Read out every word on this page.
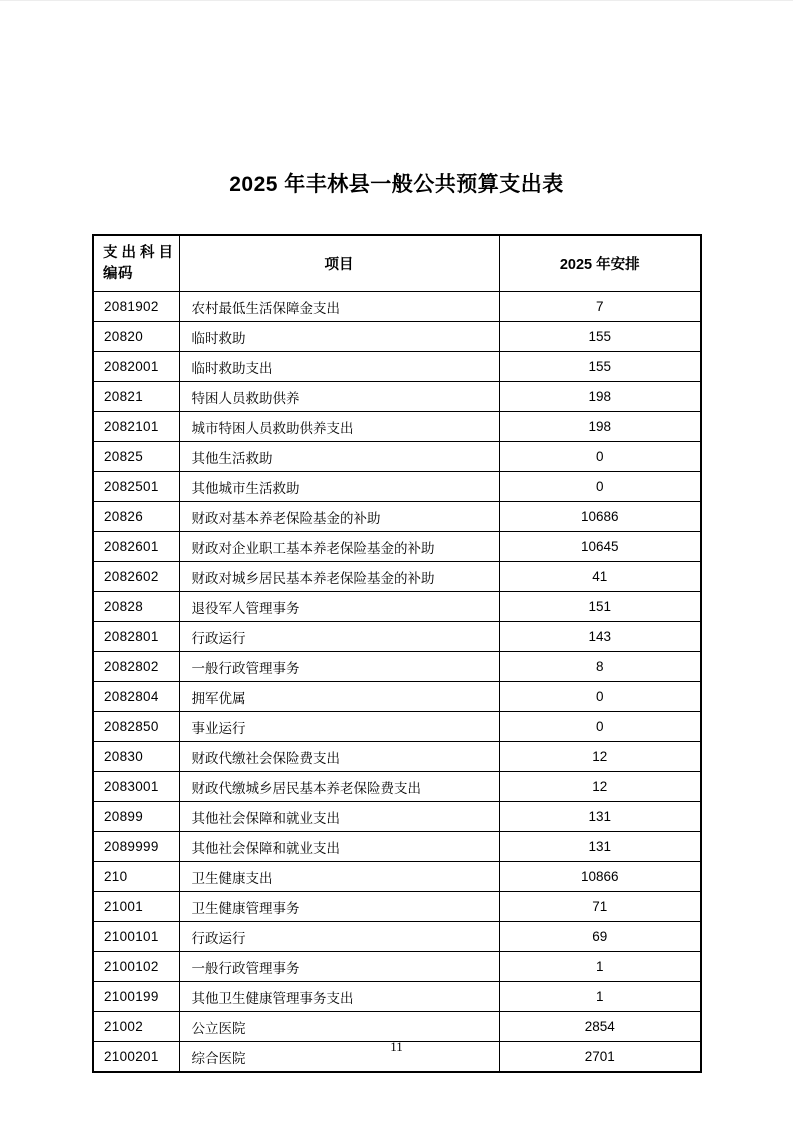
2025 年丰林县一般公共预算支出表
支出科目
编码	项目	2025 年安排
2081902	农村最低生活保障金支出	7
20820	临时救助	155
2082001	临时救助支出	155
20821	特困人员救助供养	198
2082101	城市特困人员救助供养支出	198
20825	其他生活救助	0
2082501	其他城市生活救助	0
20826	财政对基本养老保险基金的补助	10686
2082601	财政对企业职工基本养老保险基金的补助	10645
2082602	财政对城乡居民基本养老保险基金的补助	41
20828	退役军人管理事务	151
2082801	行政运行	143
2082802	一般行政管理事务	8
2082804	拥军优属	0
2082850	事业运行	0
20830	财政代缴社会保险费支出	12
2083001	财政代缴城乡居民基本养老保险费支出	12
20899	其他社会保障和就业支出	131
2089999	其他社会保障和就业支出	131
210	卫生健康支出	10866
21001	卫生健康管理事务	71
2100101	行政运行	69
2100102	一般行政管理事务	1
2100199	其他卫生健康管理事务支出	1
21002	公立医院	2854
2100201	综合医院	2701
11
